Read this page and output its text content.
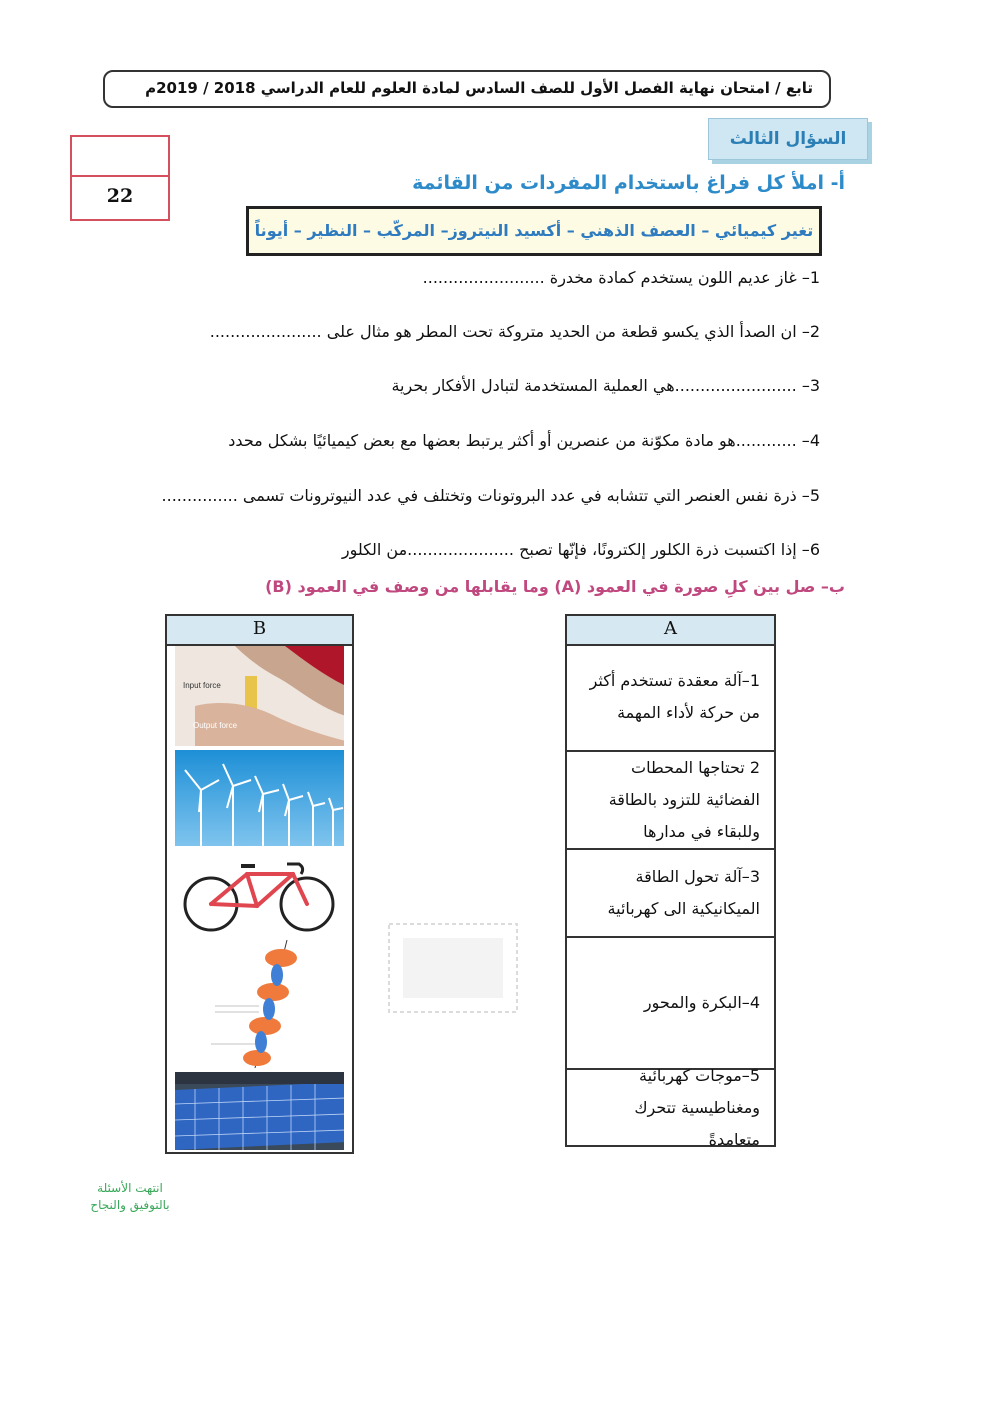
تابع / امتحان نهاية الفصل الأول للصف السادس لمادة العلوم للعام الدراسي 2018 / 2019م
22
السؤال الثالث
أ- املأ كل فراغ باستخدام المفردات من القائمة
تغير كيميائي – العصف الذهني – أكسيد النيتروز– المركّب – النظير – أيوناً
1– غاز عديم اللون يستخدم كمادة مخدرة ........................
2– ان الصدأ الذي يكسو قطعة من الحديد متروكة تحت المطر هو مثال على ......................
3– ........................هي العملية المستخدمة لتبادل الأفكار بحرية
4– ............هو مادة مكوّنة من عنصرين أو أكثر يرتبط بعضها مع بعض كيميائيًا بشكل محدد
5– ذرة نفس العنصر التي تتشابه في عدد البروتونات وتختلف في عدد النيوترونات تسمى ...............
6– إذا اكتسبت ذرة الكلور إلكترونًا، فإنّها تصبح .....................من الكلور
ب– صل بين كلِ صورة في العمود (A) وما يقابلها من وصف في العمود (B)
A
1–آلة معقدة تستخدم أكثر من حركة لأداء المهمة
2 تحتاجها المحطات الفضائية للتزود بالطاقة وللبقاء في مدارها
3–آلة تحول الطاقة الميكانيكية الى كهربائية
4–البكرة والمحور
5–موجات كهربائية ومغناطيسية تتحرك متعامدةً
B
Input force
Output force
انتهت الأسئلة
بالتوفيق والنجاح
